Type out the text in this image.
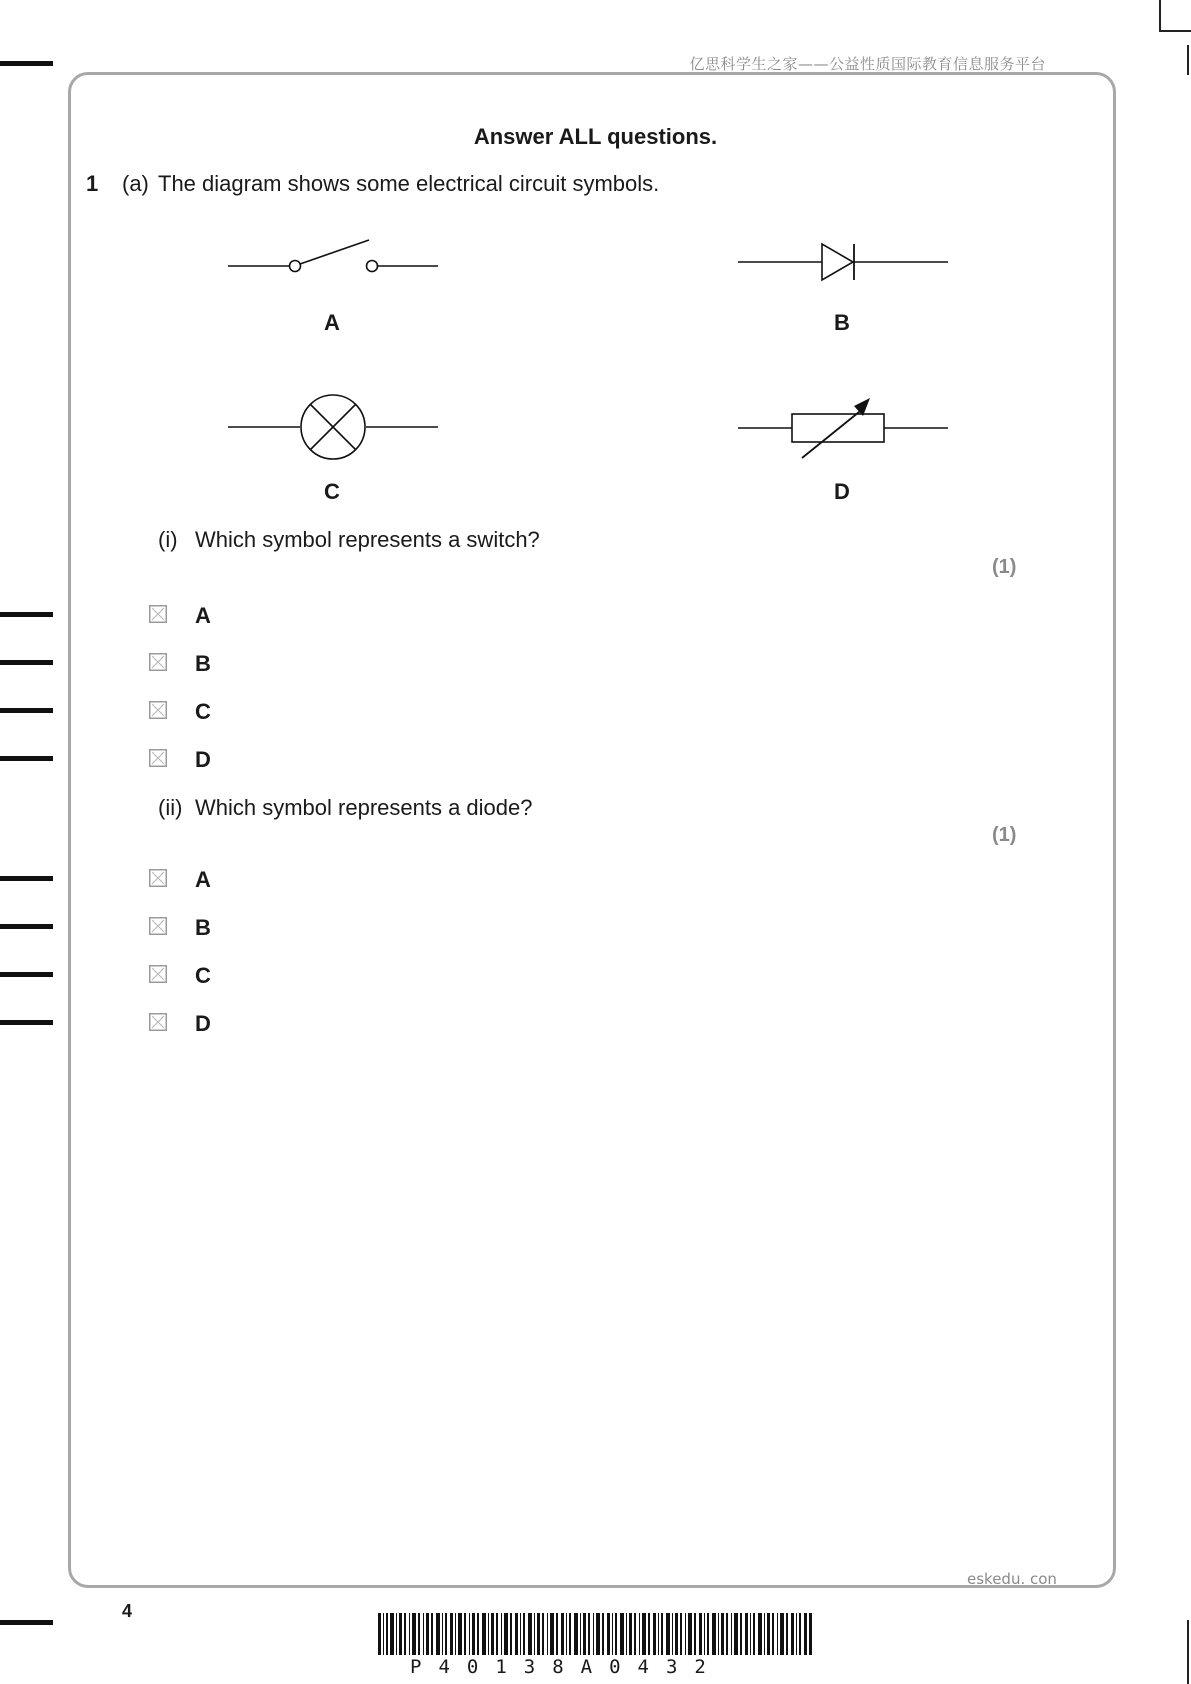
亿思科学生之家——公益性质国际教育信息服务平台
Answer ALL questions.
1 (a) The diagram shows some electrical circuit symbols.
A	B
C	D
(i) Which symbol represents a switch?
(1)
A
B
C
D
(ii) Which symbol represents a diode?
(1)
A
B
C
D
eskedu. con
4
P40138A0432
